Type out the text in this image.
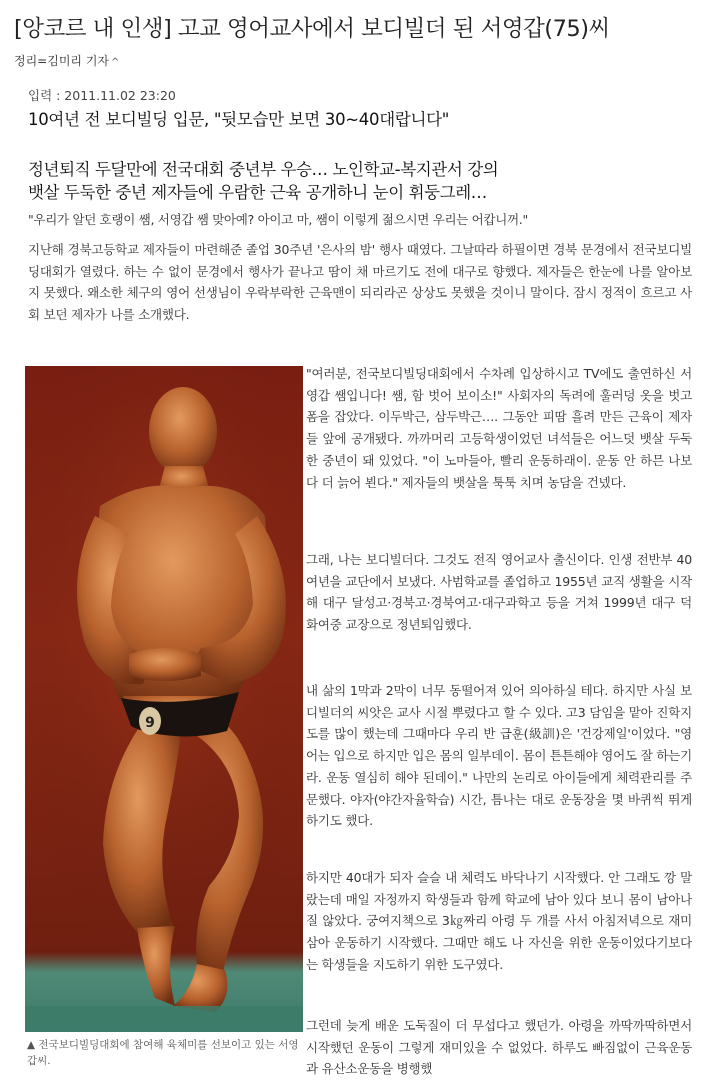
[앙코르 내 인생] 고교 영어교사에서 보디빌더 된 서영갑(75)씨
정리=김미리 기자 ^

입력 : 2011.11.02 23:20

10여년 전 보디빌딩 입문, "뒷모습만 보면 30~40대랍니다"

정년퇴직 두달만에 전국대회 중년부 우승… 노인학교-복지관서 강의
뱃살 두둑한 중년 제자들에 우람한 근육 공개하니 눈이 휘둥그레…

"우리가 알던 호랭이 쌤, 서영갑 쌤 맞아예? 아이고 마, 쌤이 이렇게 젊으시면 우리는 어캅니꺼."

지난해 경북고등학교 제자들이 마련해준 졸업 30주년 '은사의 밤' 행사 때였다. 그날따라 하필이면 경북 문경에서 전국보디빌딩대회가 열렸다. 하는 수 없이 문경에서 행사가 끝나고 땀이 채 마르기도 전에 대구로 향했다. 제자들은 한눈에 나를 알아보지 못했다. 왜소한 체구의 영어 선생님이 우락부락한 근육맨이 되리라곤 상상도 못했을 것이니 말이다. 잠시 정적이 흐르고 사회 보던 제자가 나를 소개했다.

9

▲ 전국보디빌딩대회에 참여해 육체미를 선보이고 있는 서영갑씨.

"여러분, 전국보디빌딩대회에서 수차례 입상하시고 TV에도 출연하신 서영갑 쌤입니다! 쌤, 함 벗어 보이소!" 사회자의 독려에 훌러덩 옷을 벗고 폼을 잡았다. 이두박근, 삼두박근…. 그동안 피땀 흘려 만든 근육이 제자들 앞에 공개됐다. 까까머리 고등학생이었던 녀석들은 어느덧 뱃살 두둑한 중년이 돼 있었다. "이 노마들아, 빨리 운동하래이. 운동 안 하믄 나보다 더 늙어 뵌다." 제자들의 뱃살을 툭툭 치며 농담을 건넸다.

그래, 나는 보디빌더다. 그것도 전직 영어교사 출신이다. 인생 전반부 40여년을 교단에서 보냈다. 사범학교를 졸업하고 1955년 교직 생활을 시작해 대구 달성고·경북고·경북여고·대구과학고 등을 거쳐 1999년 대구 덕화여중 교장으로 정년퇴임했다.

내 삶의 1막과 2막이 너무 동떨어져 있어 의아하실 테다. 하지만 사실 보디빌더의 씨앗은 교사 시절 뿌렸다고 할 수 있다. 고3 담임을 맡아 진학지도를 많이 했는데 그때마다 우리 반 급훈(級訓)은 '건강제일'이었다. "영어는 입으로 하지만 입은 몸의 일부데이. 몸이 튼튼해야 영어도 잘 하는기라. 운동 열심히 해야 된데이." 나만의 논리로 아이들에게 체력관리를 주문했다. 야자(야간자율학습) 시간, 틈나는 대로 운동장을 몇 바퀴씩 뛰게 하기도 했다.

하지만 40대가 되자 슬슬 내 체력도 바닥나기 시작했다. 안 그래도 깡 말랐는데 매일 자정까지 학생들과 함께 학교에 남아 있다 보니 몸이 남아나질 않았다. 궁여지책으로 3㎏짜리 아령 두 개를 사서 아침저녁으로 재미삼아 운동하기 시작했다. 그때만 해도 나 자신을 위한 운동이었다기보다는 학생들을 지도하기 위한 도구였다.

그런데 늦게 배운 도둑질이 더 무섭다고 했던가. 아령을 까딱까딱하면서 시작했던 운동이 그렇게 재미있을 수 없었다. 하루도 빠짐없이 근육운동과 유산소운동을 병행했
